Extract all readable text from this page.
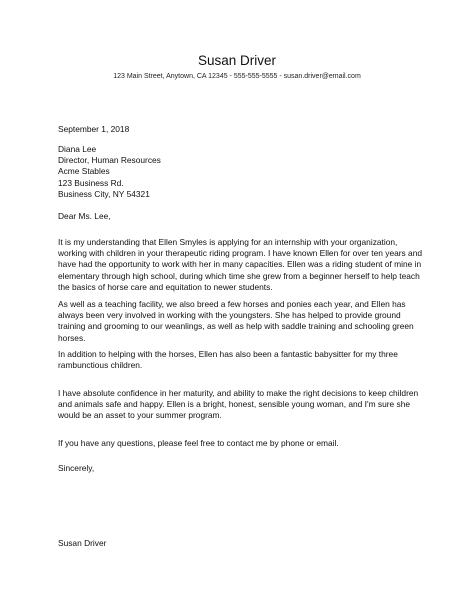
Susan Driver
123 Main Street, Anytown, CA 12345 - 555-555-5555 - susan.driver@email.com
September 1, 2018
Diana Lee
Director, Human Resources
Acme Stables
123 Business Rd.
Business City, NY 54321
Dear Ms. Lee,
It is my understanding that Ellen Smyles is applying for an internship with your organization, working with children in your therapeutic riding program. I have known Ellen for over ten years and have had the opportunity to work with her in many capacities. Ellen was a riding student of mine in elementary through high school, during which time she grew from a beginner herself to help teach the basics of horse care and equitation to newer students.
As well as a teaching facility, we also breed a few horses and ponies each year, and Ellen has always been very involved in working with the youngsters. She has helped to provide ground training and grooming to our weanlings, as well as help with saddle training and schooling green horses.
In addition to helping with the horses, Ellen has also been a fantastic babysitter for my three rambunctious children.
I have absolute confidence in her maturity, and ability to make the right decisions to keep children and animals safe and happy. Ellen is a bright, honest, sensible young woman, and I'm sure she would be an asset to your summer program.
If you have any questions, please feel free to contact me by phone or email.
Sincerely,
Susan Driver
